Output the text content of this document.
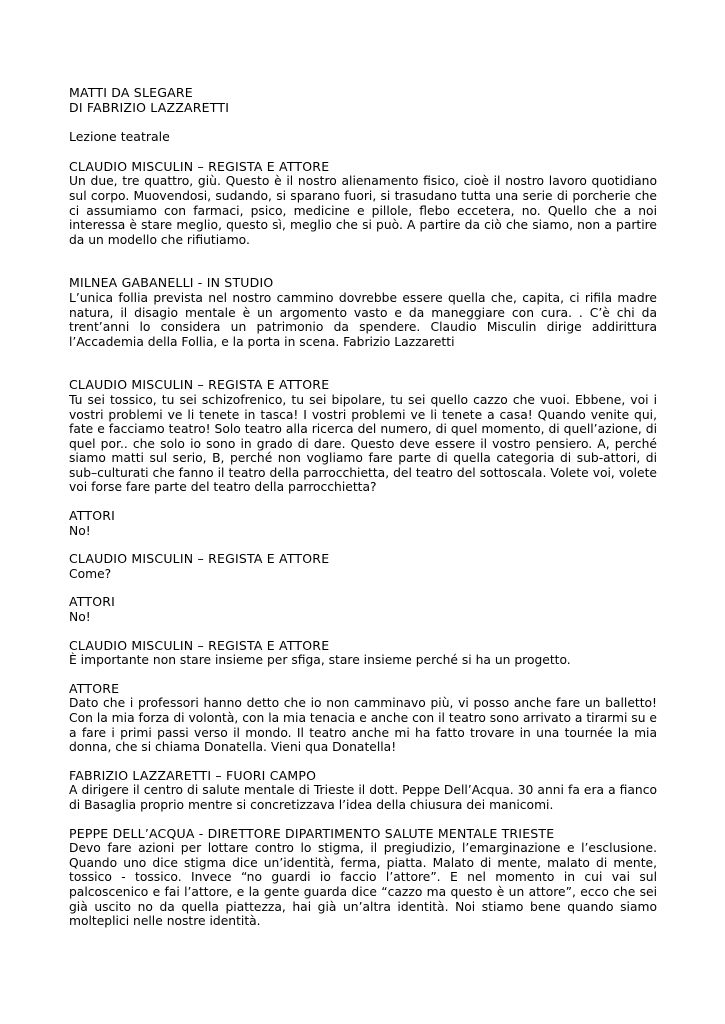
MATTI DA SLEGARE
DI FABRIZIO LAZZARETTI
Lezione teatrale
CLAUDIO MISCULIN – REGISTA E ATTORE
Un due, tre quattro, giù. Questo è il nostro alienamento fisico, cioè il nostro lavoro quotidiano sul corpo. Muovendosi, sudando, si sparano fuori, si trasudano tutta una serie di porcherie che ci assumiamo con farmaci, psico, medicine e pillole, flebo eccetera, no. Quello che a noi interessa è stare meglio, questo sì, meglio che si può. A partire da ciò che siamo, non a partire da un modello che rifiutiamo.
MILNEA GABANELLI - IN STUDIO
L’unica follia prevista nel nostro cammino dovrebbe essere quella che, capita, ci rifila madre natura, il disagio mentale è un argomento vasto e da maneggiare con cura. . C’è chi da trent’anni lo considera un patrimonio da spendere. Claudio Misculin dirige addirittura l’Accademia della Follia, e la porta in scena. Fabrizio Lazzaretti
CLAUDIO MISCULIN – REGISTA E ATTORE
Tu sei tossico, tu sei schizofrenico, tu sei bipolare, tu sei quello cazzo che vuoi. Ebbene, voi i vostri problemi ve li tenete in tasca! I vostri problemi ve li tenete a casa! Quando venite qui, fate e facciamo teatro! Solo teatro alla ricerca del numero, di quel momento, di quell’azione, di quel por.. che solo io sono in grado di dare. Questo deve essere il vostro pensiero. A, perché siamo matti sul serio, B, perché non vogliamo fare parte di quella categoria di sub-attori, di sub–culturati che fanno il teatro della parrocchietta, del teatro del sottoscala. Volete voi, volete voi forse fare parte del teatro della parrocchietta?
ATTORI
No!
CLAUDIO MISCULIN – REGISTA E ATTORE
Come?
ATTORI
No!
CLAUDIO MISCULIN – REGISTA E ATTORE
È importante non stare insieme per sfiga, stare insieme perché si ha un progetto.
ATTORE
Dato che i professori hanno detto che io non camminavo più, vi posso anche fare un balletto! Con la mia forza di volontà, con la mia tenacia e anche con il teatro sono arrivato a tirarmi su e a fare i primi passi verso il mondo. Il teatro anche mi ha fatto trovare in una tournée la mia donna, che si chiama Donatella. Vieni qua Donatella!
FABRIZIO LAZZARETTI – FUORI CAMPO
A dirigere il centro di salute mentale di Trieste il dott. Peppe Dell’Acqua. 30 anni fa era a fianco di Basaglia proprio mentre si concretizzava l’idea della chiusura dei manicomi.
PEPPE DELL’ACQUA - DIRETTORE DIPARTIMENTO SALUTE MENTALE TRIESTE
Devo fare azioni per lottare contro lo stigma, il pregiudizio, l’emarginazione e l’esclusione. Quando uno dice stigma dice un’identità, ferma, piatta. Malato di mente, malato di mente, tossico - tossico. Invece “no guardi io faccio l’attore”. E nel momento in cui vai sul palcoscenico e fai l’attore, e la gente guarda dice “cazzo ma questo è un attore”, ecco che sei già uscito no da quella piattezza, hai già un’altra identità. Noi stiamo bene quando siamo molteplici nelle nostre identità.
